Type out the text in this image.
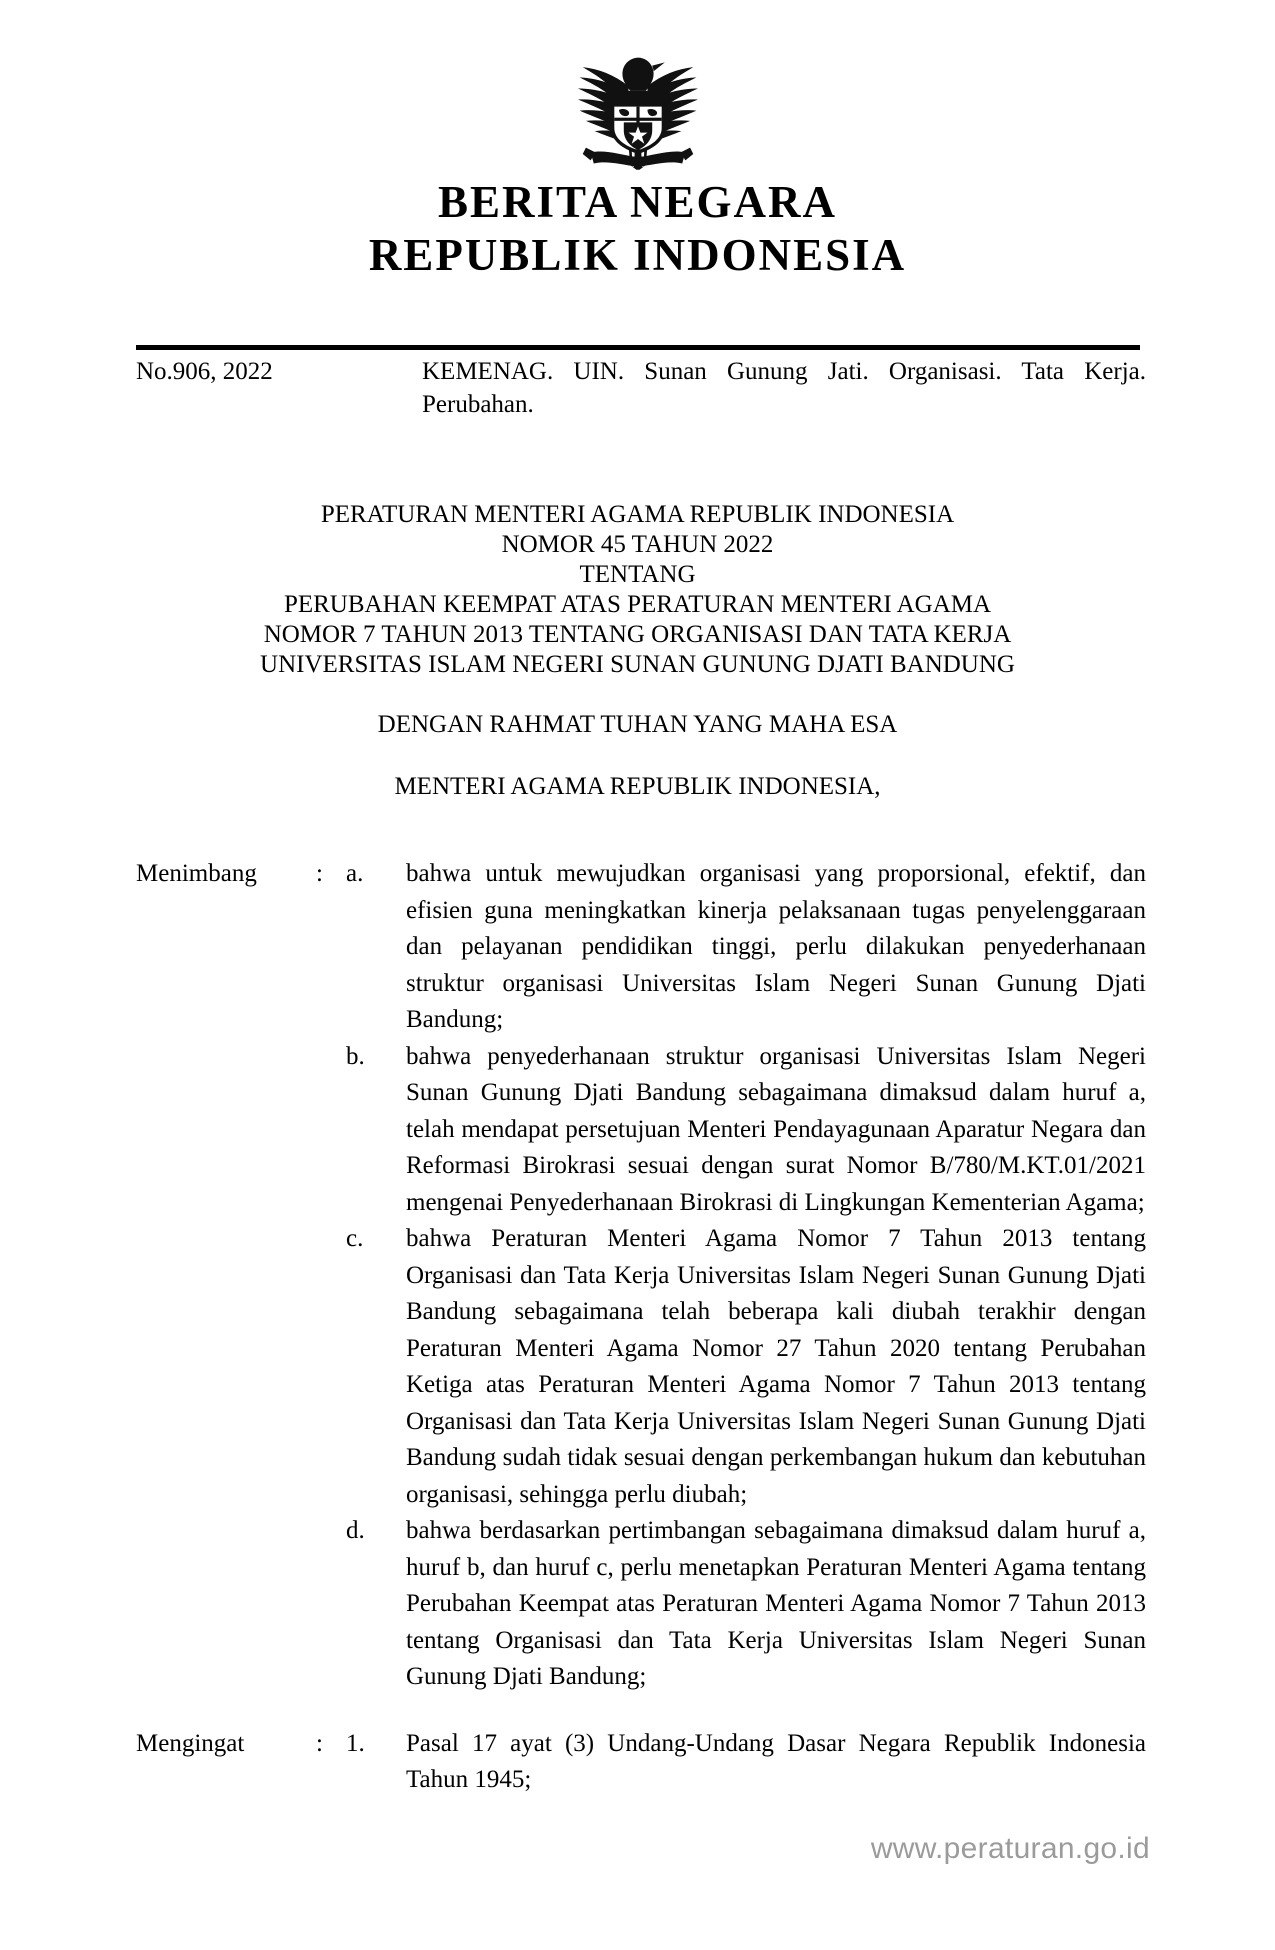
BERITA NEGARA
REPUBLIK INDONESIA
No.906, 2022	KEMENAG. UIN. Sunan Gunung Jati. Organisasi. Tata Kerja. Perubahan.
PERATURAN MENTERI AGAMA REPUBLIK INDONESIA
NOMOR 45 TAHUN 2022
TENTANG
PERUBAHAN KEEMPAT ATAS PERATURAN MENTERI AGAMA
NOMOR 7 TAHUN 2013 TENTANG ORGANISASI DAN TATA KERJA
UNIVERSITAS ISLAM NEGERI SUNAN GUNUNG DJATI BANDUNG
DENGAN RAHMAT TUHAN YANG MAHA ESA
MENTERI AGAMA REPUBLIK INDONESIA,
Menimbang	: a.	bahwa untuk mewujudkan organisasi yang proporsional, efektif, dan efisien guna meningkatkan kinerja pelaksanaan tugas penyelenggaraan dan pelayanan pendidikan tinggi, perlu dilakukan penyederhanaan struktur organisasi Universitas Islam Negeri Sunan Gunung Djati Bandung;
b.	bahwa penyederhanaan struktur organisasi Universitas Islam Negeri Sunan Gunung Djati Bandung sebagaimana dimaksud dalam huruf a, telah mendapat persetujuan Menteri Pendayagunaan Aparatur Negara dan Reformasi Birokrasi sesuai dengan surat Nomor B/780/M.KT.01/2021 mengenai Penyederhanaan Birokrasi di Lingkungan Kementerian Agama;
c.	bahwa Peraturan Menteri Agama Nomor 7 Tahun 2013 tentang Organisasi dan Tata Kerja Universitas Islam Negeri Sunan Gunung Djati Bandung sebagaimana telah beberapa kali diubah terakhir dengan Peraturan Menteri Agama Nomor 27 Tahun 2020 tentang Perubahan Ketiga atas Peraturan Menteri Agama Nomor 7 Tahun 2013 tentang Organisasi dan Tata Kerja Universitas Islam Negeri Sunan Gunung Djati Bandung sudah tidak sesuai dengan perkembangan hukum dan kebutuhan organisasi, sehingga perlu diubah;
d.	bahwa berdasarkan pertimbangan sebagaimana dimaksud dalam huruf a, huruf b, dan huruf c, perlu menetapkan Peraturan Menteri Agama tentang Perubahan Keempat atas Peraturan Menteri Agama Nomor 7 Tahun 2013 tentang Organisasi dan Tata Kerja Universitas Islam Negeri Sunan Gunung Djati Bandung;
Mengingat	: 1.	Pasal 17 ayat (3) Undang-Undang Dasar Negara Republik Indonesia Tahun 1945;
www.peraturan.go.id
